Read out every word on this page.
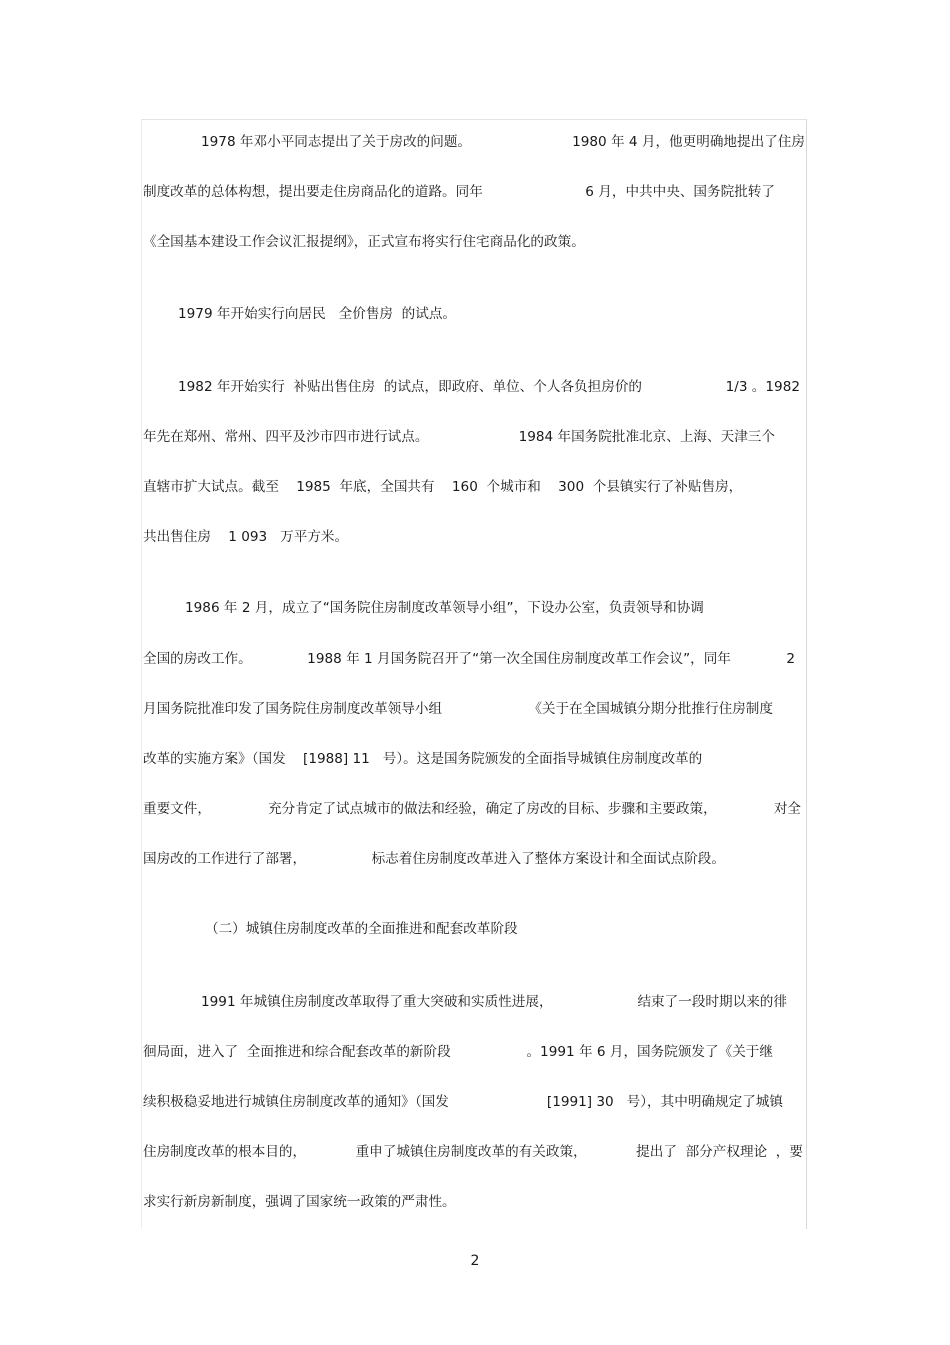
1978 年邓小平同志提出了关于房改的问题。	1980 年 4 月，他更明确地提出了住房
制度改革的总体构想，提出要走住房商品化的道路。同年	6 月，中共中央、国务院批转了
《全国基本建设工作会议汇报提纲》，正式宣布将实行住宅商品化的政策。
1979 年开始实行向居民   全价售房  的试点。
1982 年开始实行  补贴出售住房  的试点，即政府、单位、个人各负担房价的	1/3 。1982
年先在郑州、常州、四平及沙市四市进行试点。	1984 年国务院批准北京、上海、天津三个
直辖市扩大试点。截至    1985  年底，全国共有    160  个城市和    300  个县镇实行了补贴售房，
共出售住房    1 093   万平方米。
1986 年 2 月，成立了“国务院住房制度改革领导小组”，下设办公室，负责领导和协调
全国的房改工作。	1988 年 1 月国务院召开了“第一次全国住房制度改革工作会议”，同年	2
月国务院批准印发了国务院住房制度改革领导小组	《关于在全国城镇分期分批推行住房制度
改革的实施方案》（国发    [1988] 11   号）。这是国务院颁发的全面指导城镇住房制度改革的
重要文件，	充分肯定了试点城市的做法和经验，确定了房改的目标、步骤和主要政策，	对全
国房改的工作进行了部署，	标志着住房制度改革进入了整体方案设计和全面试点阶段。
（二）城镇住房制度改革的全面推进和配套改革阶段
1991 年城镇住房制度改革取得了重大突破和实质性进展，	结束了一段时期以来的徘
徊局面，进入了  全面推进和综合配套改革的新阶段	。1991 年 6 月，国务院颁发了《关于继
续积极稳妥地进行城镇住房制度改革的通知》（国发	[1991] 30   号），其中明确规定了城镇
住房制度改革的根本目的，	重申了城镇住房制度改革的有关政策，	提出了  部分产权理论  ，要
求实行新房新制度，强调了国家统一政策的严肃性。
2
